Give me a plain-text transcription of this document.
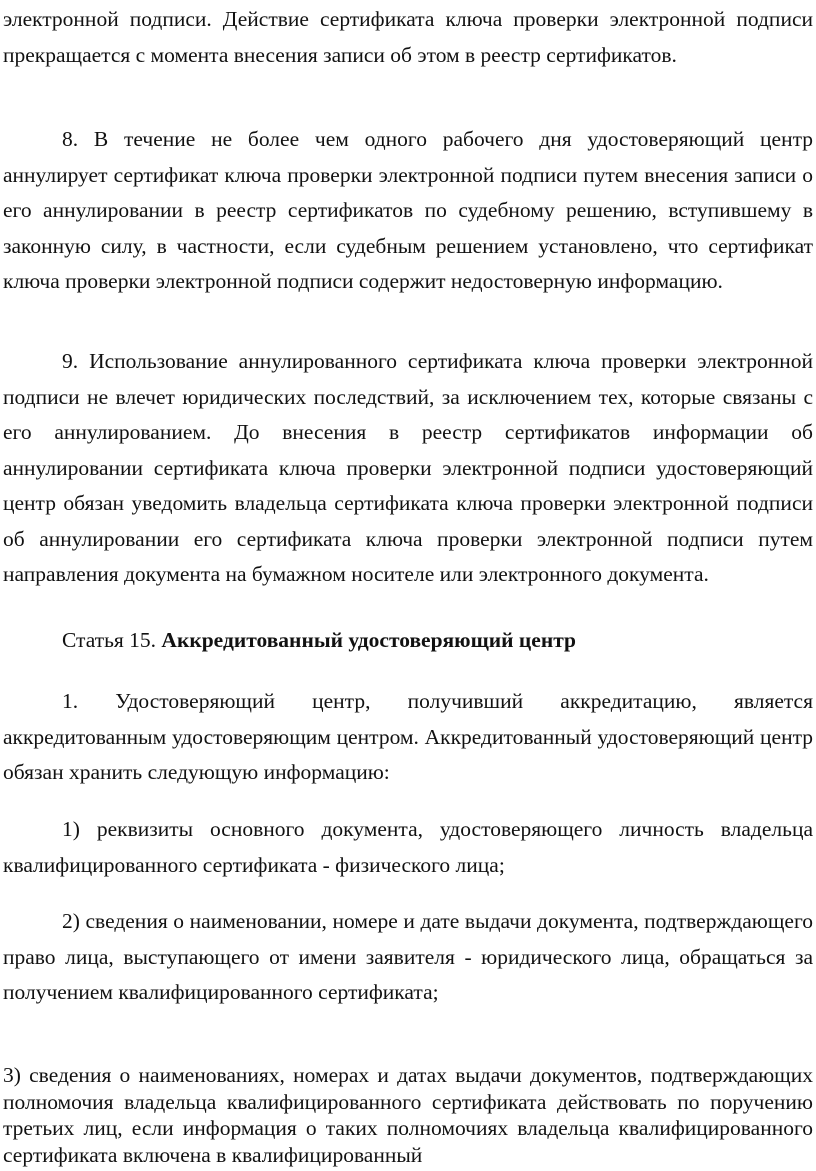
электронной подписи. Действие сертификата ключа проверки электронной подписи прекращается с момента внесения записи об этом в реестр сертификатов.

8. В течение не более чем одного рабочего дня удостоверяющий центр аннулирует сертификат ключа проверки электронной подписи путем внесения записи о его аннулировании в реестр сертификатов по судебному решению, вступившему в законную силу, в частности, если судебным решением установлено, что сертификат ключа проверки электронной подписи содержит недостоверную информацию.

9. Использование аннулированного сертификата ключа проверки электронной подписи не влечет юридических последствий, за исключением тех, которые связаны с его аннулированием. До внесения в реестр сертификатов информации об аннулировании сертификата ключа проверки электронной подписи удостоверяющий центр обязан уведомить владельца сертификата ключа проверки электронной подписи об аннулировании его сертификата ключа проверки электронной подписи путем направления документа на бумажном носителе или электронного документа.

Статья 15. Аккредитованный удостоверяющий центр

1. Удостоверяющий центр, получивший аккредитацию, является аккредитованным удостоверяющим центром. Аккредитованный удостоверяющий центр обязан хранить следующую информацию:

1) реквизиты основного документа, удостоверяющего личность владельца квалифицированного сертификата - физического лица;

2) сведения о наименовании, номере и дате выдачи документа, подтверждающего право лица, выступающего от имени заявителя - юридического лица, обращаться за получением квалифицированного сертификата;

3) сведения о наименованиях, номерах и датах выдачи документов, подтверждающих полномочия владельца квалифицированного сертификата действовать по поручению третьих лиц, если информация о таких полномочиях владельца квалифицированного сертификата включена в квалифицированный
